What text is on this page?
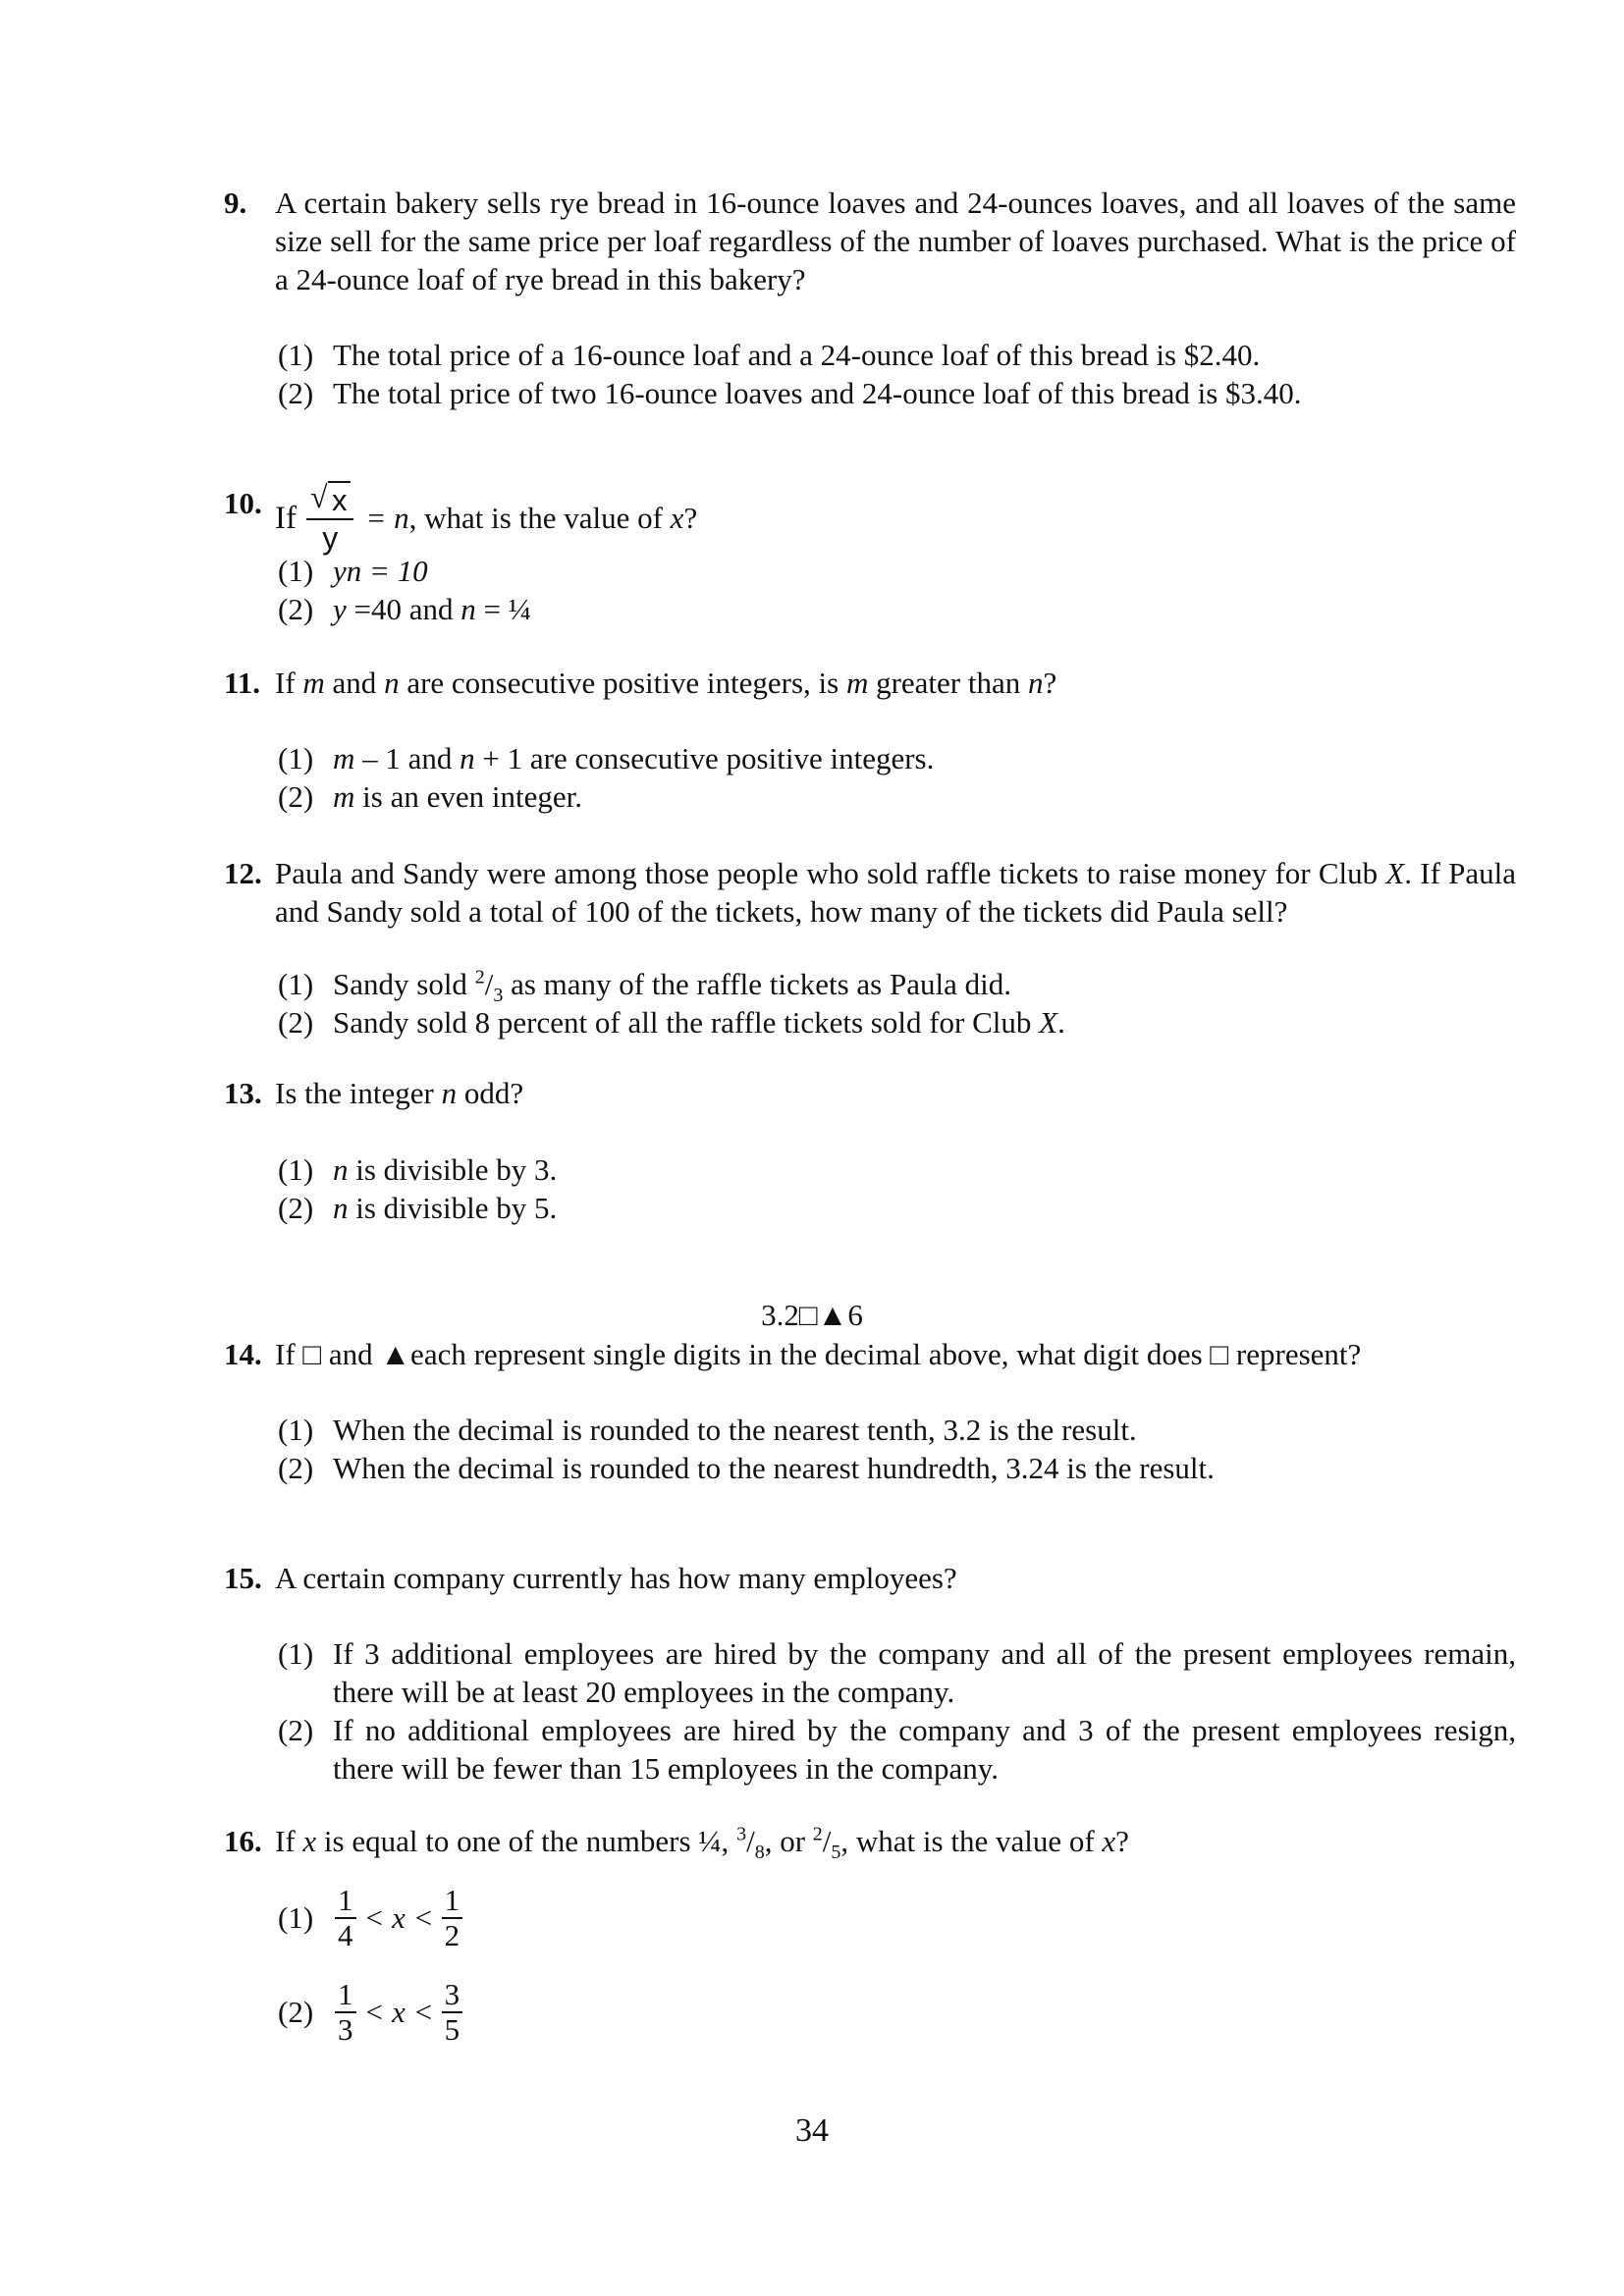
9. A certain bakery sells rye bread in 16-ounce loaves and 24-ounces loaves, and all loaves of the same size sell for the same price per loaf regardless of the number of loaves purchased. What is the price of a 24-ounce loaf of rye bread in this bakery?
(1) The total price of a 16-ounce loaf and a 24-ounce loaf of this bread is $2.40.
(2) The total price of two 16-ounce loaves and 24-ounce loaf of this bread is $3.40.
10. If $\frac{√ x}{y} = n$ , what is the value of
x ?
(1) yn = 10
(2) y =40 and n = ¼
11. If m and n are consecutive positive integers, is m greater than n?
(1) m – 1 and n + 1 are consecutive positive integers.
(2) m is an even integer.
12. Paula and Sandy were among those people who sold raffle tickets to raise money for Club X. If Paula and Sandy sold a total of 100 of the tickets, how many of the tickets did Paula sell?
(1) Sandy sold $^2/_3$ as many of the raffle tickets as Paula did.
(2) Sandy sold 8 percent of all the raffle tickets sold for Club X.
13. Is the integer n odd?
(1) n is divisible by 3.
(2) n is divisible by 5.
3.2□▲6
14. If □ and ▲each represent single digits in the decimal above, what digit does □ represent?
(1) When the decimal is rounded to the nearest tenth, 3.2 is the result.
(2) When the decimal is rounded to the nearest hundredth, 3.24 is the result.
15. A certain company currently has how many employees?
(1) If 3 additional employees are hired by the company and all of the present employees remain, there will be at least 20 employees in the company.
(2) If no additional employees are hired by the company and 3 of the present employees resign, there will be fewer than 15 employees in the company.
16. If x is equal to one of the numbers ¼, $^3/_8$, or $^2/_5$, what is the value of x?
$(1) \frac{1}{4} < x < \frac{1}{2}$
$(2) \frac{1}{3} < x < \frac{3}{5}$
34
